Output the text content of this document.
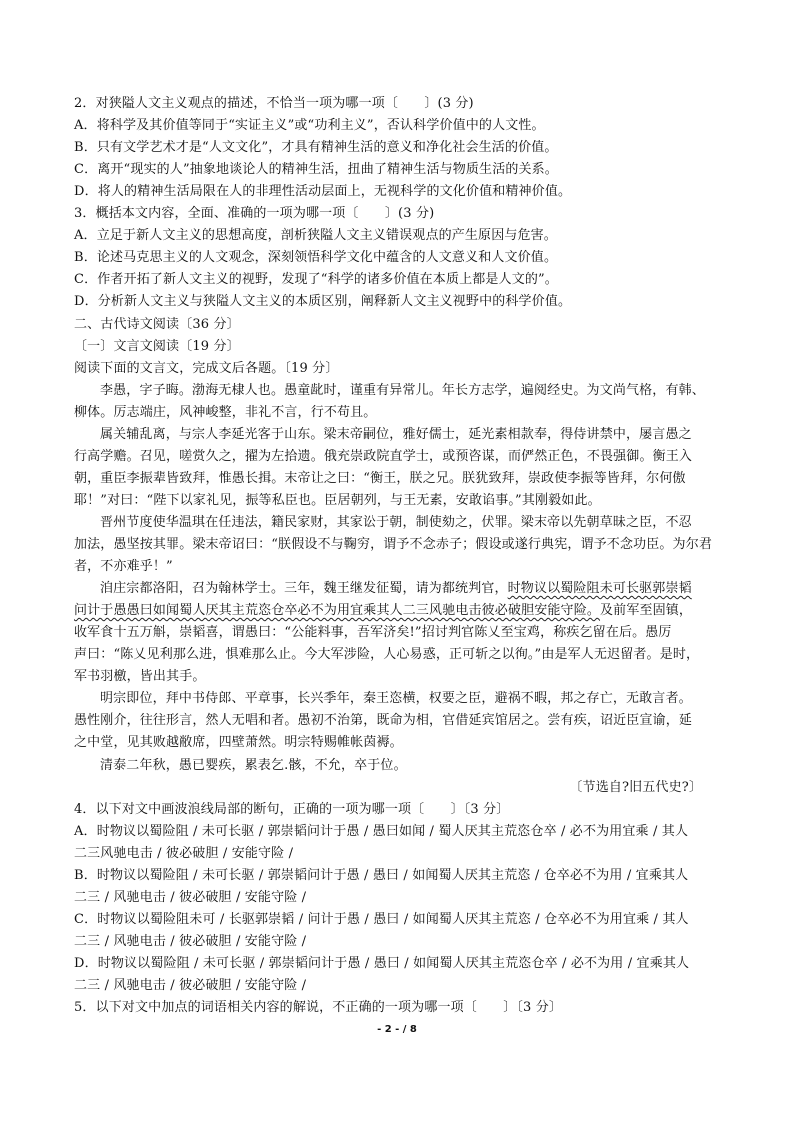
2．对狭隘人文主义观点的描述，不恰当一项为哪一项〔　　〕(3 分)
A．将科学及其价值等同于“实证主义”或“功利主义”，否认科学价值中的人文性。
B．只有文学艺术才是“人文文化”，才具有精神生活的意义和净化社会生活的价值。
C．离开“现实的人”抽象地谈论人的精神生活，扭曲了精神生活与物质生活的关系。
D．将人的精神生活局限在人的非理性活动层面上，无视科学的文化价值和精神价值。
3．概括本文内容，全面、准确的一项为哪一项〔　　〕(3 分)
A．立足于新人文主义的思想高度，剖析狭隘人文主义错误观点的产生原因与危害。
B．论述马克思主义的人文观念，深刻领悟科学文化中蕴含的人文意义和人文价值。
C．作者开拓了新人文主义的视野，发现了“科学的诸多价值在本质上都是人文的”。
D．分析新人文主义与狭隘人文主义的本质区别，阐释新人文主义视野中的科学价值。
二、古代诗文阅读〔36 分〕
〔一〕文言文阅读〔19 分〕
阅读下面的文言文，完成文后各题。〔19 分〕
李愚，字子晦。渤海无棣人也。愚童龀时，谨重有异常儿。年长方志学，遍阅经史。为文尚气格，有韩、
柳体。厉志端庄，风神峻整，非礼不言，行不苟且。
属关辅乱离，与宗人李延光客于山东。梁末帝嗣位，雅好儒士，延光素相款奉，得侍讲禁中，屡言愚之
行高学赡。召见，嗟赏久之，擢为左拾遗。俄充崇政院直学士，或预咨谋，而俨然正色，不畏强御。衡王入
朝，重臣李振辈皆致拜，惟愚长揖。末帝让之曰：“衡王，朕之兄。朕犹致拜，崇政使李振等皆拜，尔何傲
耶！”对曰：“陛下以家礼见，振等私臣也。臣居朝列，与王无素，安敢谄事。”其刚毅如此。
晋州节度使华温琪在任违法，籍民家财，其家讼于朝，制使劾之，伏罪。梁末帝以先朝草昧之臣，不忍
加法，愚坚按其罪。梁末帝诏曰：“朕假设不与鞠穷，谓予不念赤子；假设或遂行典宪，谓予不念功臣。为尔君
者，不亦难乎！”
洎庄宗都洛阳，召为翰林学士。三年，魏王继发征蜀，请为都统判官，时物议以蜀险阻未可长驱郭崇韬
问计于愚愚曰如闻蜀人厌其主荒恣仓卒必不为用宜乘其人二三风驰电击彼必破胆安能守险。及前军至固镇，
收军食十五万斛，崇韬喜，谓愚曰：“公能料事，吾军济矣!”招讨判官陈乂至宝鸡，称疾乞留在后。愚厉
声曰：“陈乂见利那么进，惧难那么止。今大军涉险，人心易惑，正可斩之以徇。”由是军人无迟留者。是时，
军书羽檄，皆出其手。
明宗即位，拜中书侍郎、平章事，长兴季年，秦王恣横，权要之臣，避祸不暇，邦之存亡，无敢言者。
愚性刚介，往往形言，然人无唱和者。愚初不治第，既命为相，官借延宾馆居之。尝有疾，诏近臣宣谕，延
之中堂，见其败越敝席，四壁萧然。明宗特赐帷帐茵褥。
清泰二年秋，愚已婴疾，累表乞.骸，不允，卒于位。
〔节选自?旧五代史?〕
4．以下对文中画波浪线局部的断句，正确的一项为哪一项〔　　〕〔3 分〕
A．时物议以蜀险阻 / 未可长驱 / 郭崇韬问计于愚 / 愚曰如闻 / 蜀人厌其主荒恣仓卒 / 必不为用宜乘 / 其人
二三风驰电击 / 彼必破胆 / 安能守险 /
B．时物议以蜀险阻 / 未可长驱 / 郭崇韬问计于愚 / 愚曰 / 如闻蜀人厌其主荒恣 / 仓卒必不为用 / 宜乘其人
二三 / 风驰电击 / 彼必破胆 / 安能守险 /
C．时物议以蜀险阻未可 / 长驱郭崇韬 / 问计于愚 / 愚曰 / 如闻蜀人厌其主荒恣 / 仓卒必不为用宜乘 / 其人
二三 / 风驰电击 / 彼必破胆 / 安能守险 /
D．时物议以蜀险阻 / 未可长驱 / 郭崇韬问计于愚 / 愚曰 / 如闻蜀人厌其主荒恣仓卒 / 必不为用 / 宜乘其人
二三 / 风驰电击 / 彼必破胆 / 安能守险 /
5．以下对文中加点的词语相关内容的解说，不正确的一项为哪一项〔　　〕〔3 分〕
- 2 - / 8
